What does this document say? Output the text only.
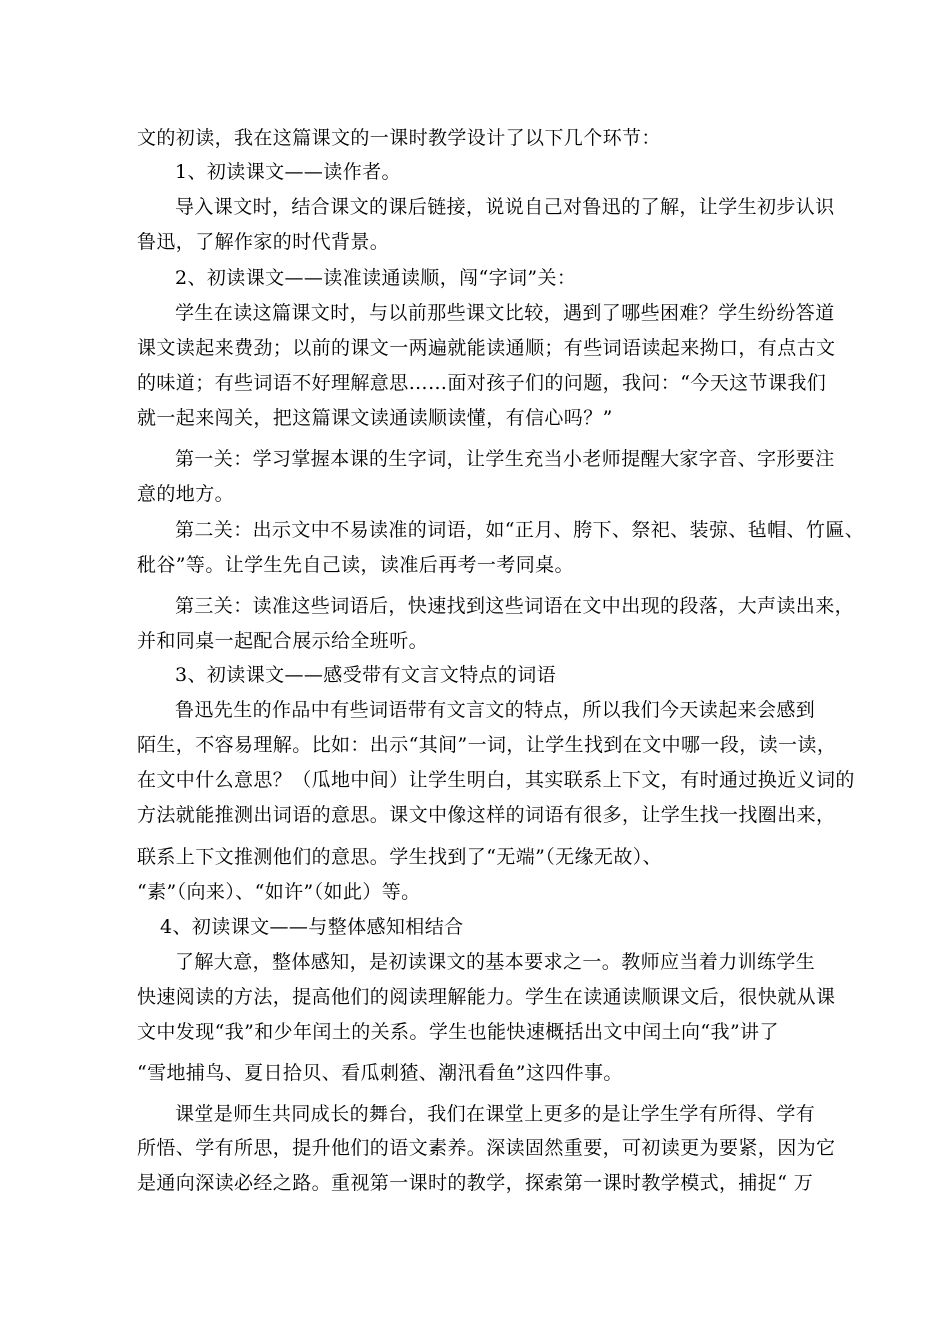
文的初读，我在这篇课文的一课时教学设计了以下几个环节：
1、初读课文——读作者。
导入课文时，结合课文的课后链接，说说自己对鲁迅的了解，让学生初步认识
鲁迅，了解作家的时代背景。
2、初读课文——读准读通读顺，闯“字词”关：
学生在读这篇课文时，与以前那些课文比较，遇到了哪些困难？学生纷纷答道
课文读起来费劲；以前的课文一两遍就能读通顺；有些词语读起来拗口，有点古文
的味道；有些词语不好理解意思……面对孩子们的问题，我问：“今天这节课我们
就一起来闯关，把这篇课文读通读顺读懂，有信心吗？”
第一关：学习掌握本课的生字词，让学生充当小老师提醒大家字音、字形要注
意的地方。
第二关：出示文中不易读准的词语，如“正月、胯下、祭祀、装弶、毡帽、竹匾、
秕谷”等。让学生先自己读，读准后再考一考同桌。
第三关：读准这些词语后，快速找到这些词语在文中出现的段落，大声读出来，
并和同桌一起配合展示给全班听。
3、初读课文——感受带有文言文特点的词语
鲁迅先生的作品中有些词语带有文言文的特点，所以我们今天读起来会感到
陌生，不容易理解。比如：出示“其间”一词，让学生找到在文中哪一段，读一读，
在文中什么意思？（瓜地中间）让学生明白，其实联系上下文，有时通过换近义词的
方法就能推测出词语的意思。课文中像这样的词语有很多，让学生找一找圈出来，
联系上下文推测他们的意思。学生找到了“无端”（无缘无故）、
“素”（向来）、“如许”（如此）等。
4、初读课文——与整体感知相结合
了解大意，整体感知，是初读课文的基本要求之一。教师应当着力训练学生
快速阅读的方法，提高他们的阅读理解能力。学生在读通读顺课文后，很快就从课
文中发现“我”和少年闰土的关系。学生也能快速概括出文中闰土向“我”讲了
“雪地捕鸟、夏日拾贝、看瓜刺猹、潮汛看鱼”这四件事。
课堂是师生共同成长的舞台，我们在课堂上更多的是让学生学有所得、学有
所悟、学有所思，提升他们的语文素养。深读固然重要，可初读更为要紧，因为它
是通向深读必经之路。重视第一课时的教学，探索第一课时教学模式，捕捉“ 万
